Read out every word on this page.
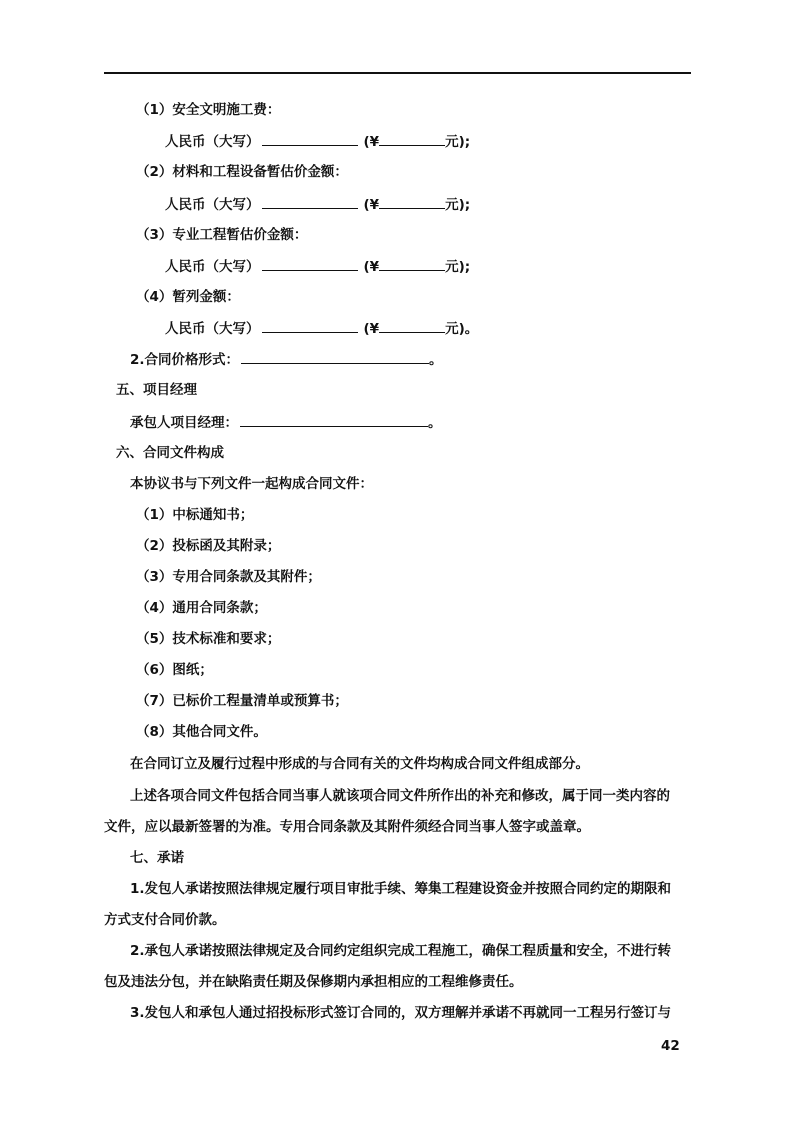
（1）安全文明施工费：
人民币（大写）	(¥	元);
（2）材料和工程设备暂估价金额：
人民币（大写）	(¥	元);
（3）专业工程暂估价金额：
人民币（大写）	(¥	元);
（4）暂列金额：
人民币（大写）	(¥	元)。
2.合同价格形式：	。
五、项目经理
承包人项目经理：	。
六、合同文件构成
本协议书与下列文件一起构成合同文件：
（1）中标通知书；
（2）投标函及其附录；
（3）专用合同条款及其附件；
（4）通用合同条款；
（5）技术标准和要求；
（6）图纸；
（7）已标价工程量清单或预算书；
（8）其他合同文件。
在合同订立及履行过程中形成的与合同有关的文件均构成合同文件组成部分。
上述各项合同文件包括合同当事人就该项合同文件所作出的补充和修改，属于同一类内容的
文件，应以最新签署的为准。专用合同条款及其附件须经合同当事人签字或盖章。
七、承诺
1.发包人承诺按照法律规定履行项目审批手续、筹集工程建设资金并按照合同约定的期限和
方式支付合同价款。
2.承包人承诺按照法律规定及合同约定组织完成工程施工，确保工程质量和安全，不进行转
包及违法分包，并在缺陷责任期及保修期内承担相应的工程维修责任。
3.发包人和承包人通过招投标形式签订合同的，双方理解并承诺不再就同一工程另行签订与
42
